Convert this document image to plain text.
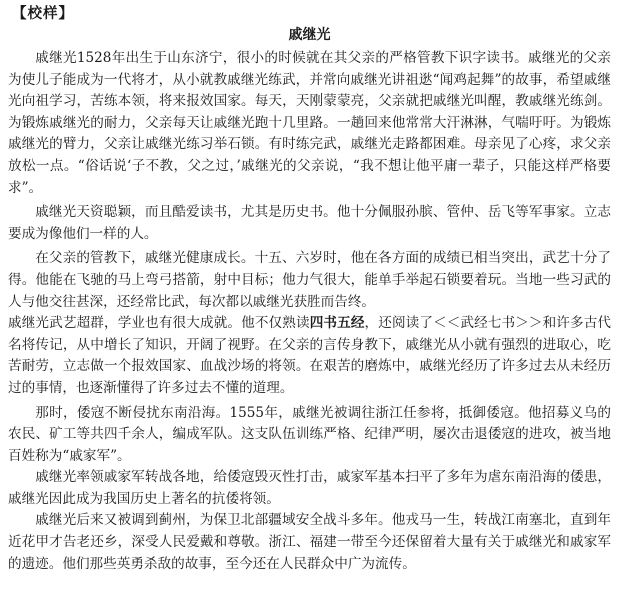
【校样】
戚继光

戚继光1528年出生于山东济宁，很小的时候就在其父亲的严格管教下识字读书。戚继光的父亲为使儿子能成为一代将才，从小就教戚继光练武，并常向戚继光讲祖逖“闻鸡起舞”的故事，希望戚继光向祖学习，苦练本领，将来报效国家。每天，天刚蒙蒙亮，父亲就把戚继光叫醒，教戚继光练剑。为锻炼戚继光的耐力，父亲每天让戚继光跑十几里路。一趟回来他常常大汗淋淋，气喘吁吁。为锻炼戚继光的臂力，父亲让戚继光练习举石锁。有时练完武，戚继光走路都困难。母亲见了心疼，求父亲放松一点。“俗话说‘子不教，父之过，’戚继光的父亲说，“我不想让他平庸一辈子，只能这样严格要求”。

戚继光天资聪颖，而且酷爱读书，尤其是历史书。他十分佩服孙膑、管仲、岳飞等军事家。立志要成为像他们一样的人。

在父亲的管教下，戚继光健康成长。十五、六岁时，他在各方面的成绩已相当突出，武艺十分了得。他能在飞驰的马上弯弓搭箭，射中目标；他力气很大，能单手举起石锁要着玩。当地一些习武的人与他交往甚深，还经常比武，每次都以戚继光获胜而告终。

戚继光武艺超群，学业也有很大成就。他不仅熟读四书五经，还阅读了＜＜武经七书＞＞和许多古代名将传记，从中增长了知识，开阔了视野。在父亲的言传身教下，戚继光从小就有强烈的进取心，吃苦耐劳，立志做一个报效国家、血战沙场的将领。在艰苦的磨炼中，戚继光经历了许多过去从未经历过的事情，也逐渐懂得了许多过去不懂的道理。

那时，倭寇不断侵扰东南沿海。1555年，戚继光被调往浙江任参将，抵御倭寇。他招募义乌的农民、矿工等共四千余人，编成军队。这支队伍训练严格、纪律严明，屡次击退倭寇的进攻，被当地百姓称为“戚家军”。

戚继光率领戚家军转战各地，给倭寇毁灭性打击，戚家军基本扫平了多年为虐东南沿海的倭患，戚继光因此成为我国历史上著名的抗倭将领。

戚继光后来又被调到蓟州，为保卫北部疆域安全战斗多年。他戎马一生，转战江南塞北，直到年近花甲才告老还乡，深受人民爱戴和尊敬。浙江、福建一带至今还保留着大量有关于戚继光和戚家军的遗迹。他们那些英勇杀敌的故事，至今还在人民群众中广为流传。
